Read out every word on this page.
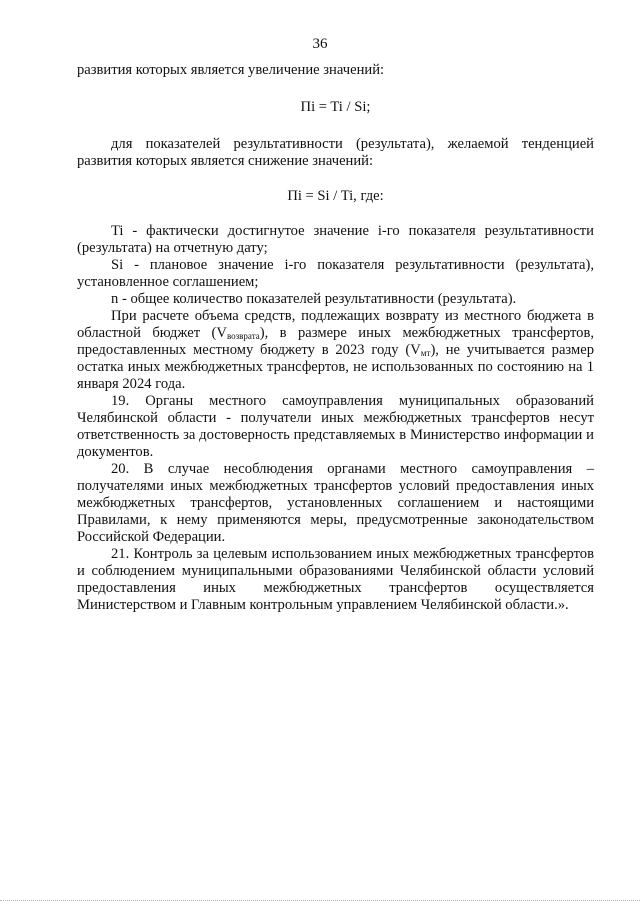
36

развития которых является увеличение значений:

Пi = Ti / Si;

для показателей результативности (результата), желаемой тенденцией развития которых является снижение значений:

Пi = Si / Ti, где:

Ti - фактически достигнутое значение i-го показателя результативности (результата) на отчетную дату;

Si - плановое значение i-го показателя результативности (результата), установленное соглашением;

n - общее количество показателей результативности (результата).

При расчете объема средств, подлежащих возврату из местного бюджета в областной бюджет $(V_{возврата})$, в размере иных межбюджетных трансфертов, предоставленных местному бюджету в 2023 году $(V_{мт})$, не учитывается размер остатка иных межбюджетных трансфертов, не использованных по состоянию на 1 января 2024 года.

19. Органы местного самоуправления муниципальных образований Челябинской области - получатели иных межбюджетных трансфертов несут ответственность за достоверность представляемых в Министерство информации и документов.

20. В случае несоблюдения органами местного самоуправления – получателями иных межбюджетных трансфертов условий предоставления иных межбюджетных трансфертов, установленных соглашением и настоящими Правилами, к нему применяются меры, предусмотренные законодательством Российской Федерации.

21. Контроль за целевым использованием иных межбюджетных трансфертов и соблюдением муниципальными образованиями Челябинской области условий предоставления иных межбюджетных трансфертов осуществляется Министерством и Главным контрольным управлением Челябинской области.».
